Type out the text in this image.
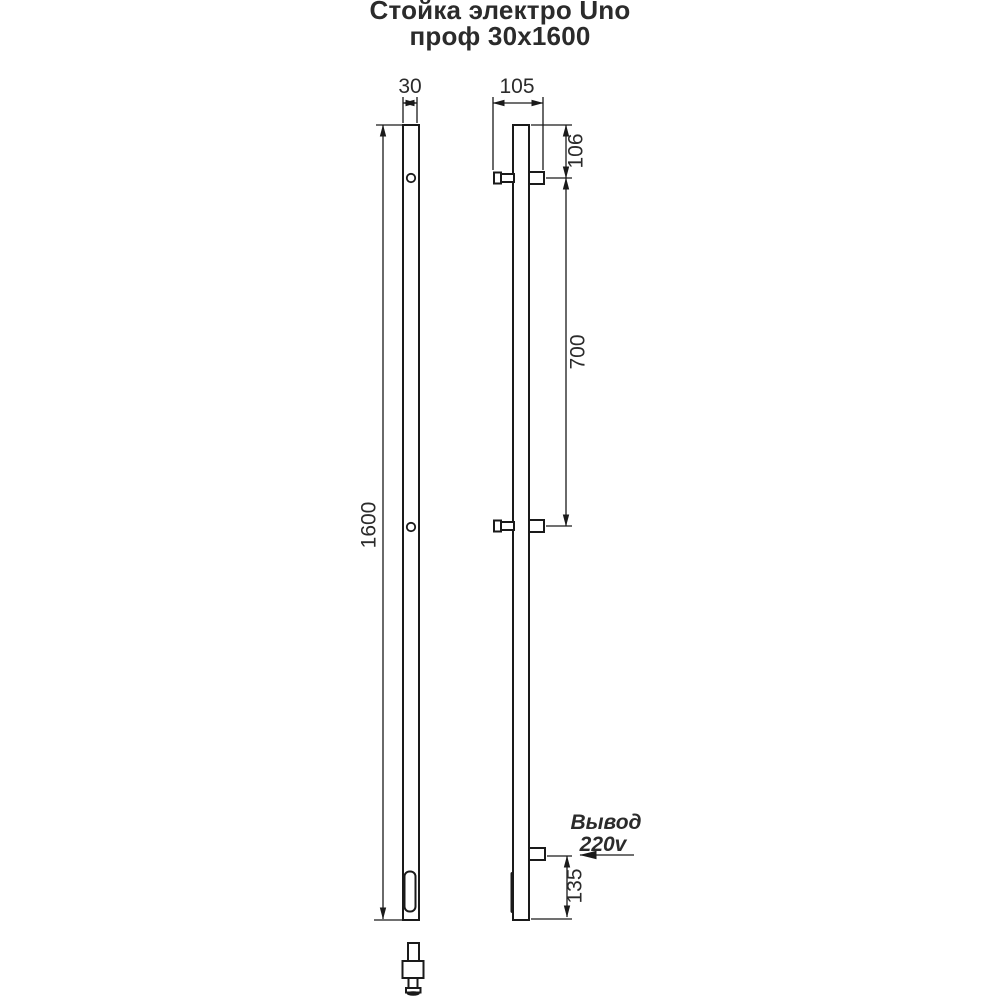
Стойка электро Uno
проф 30x1600
30
1600
105
106
700
135
Вывод
220v
